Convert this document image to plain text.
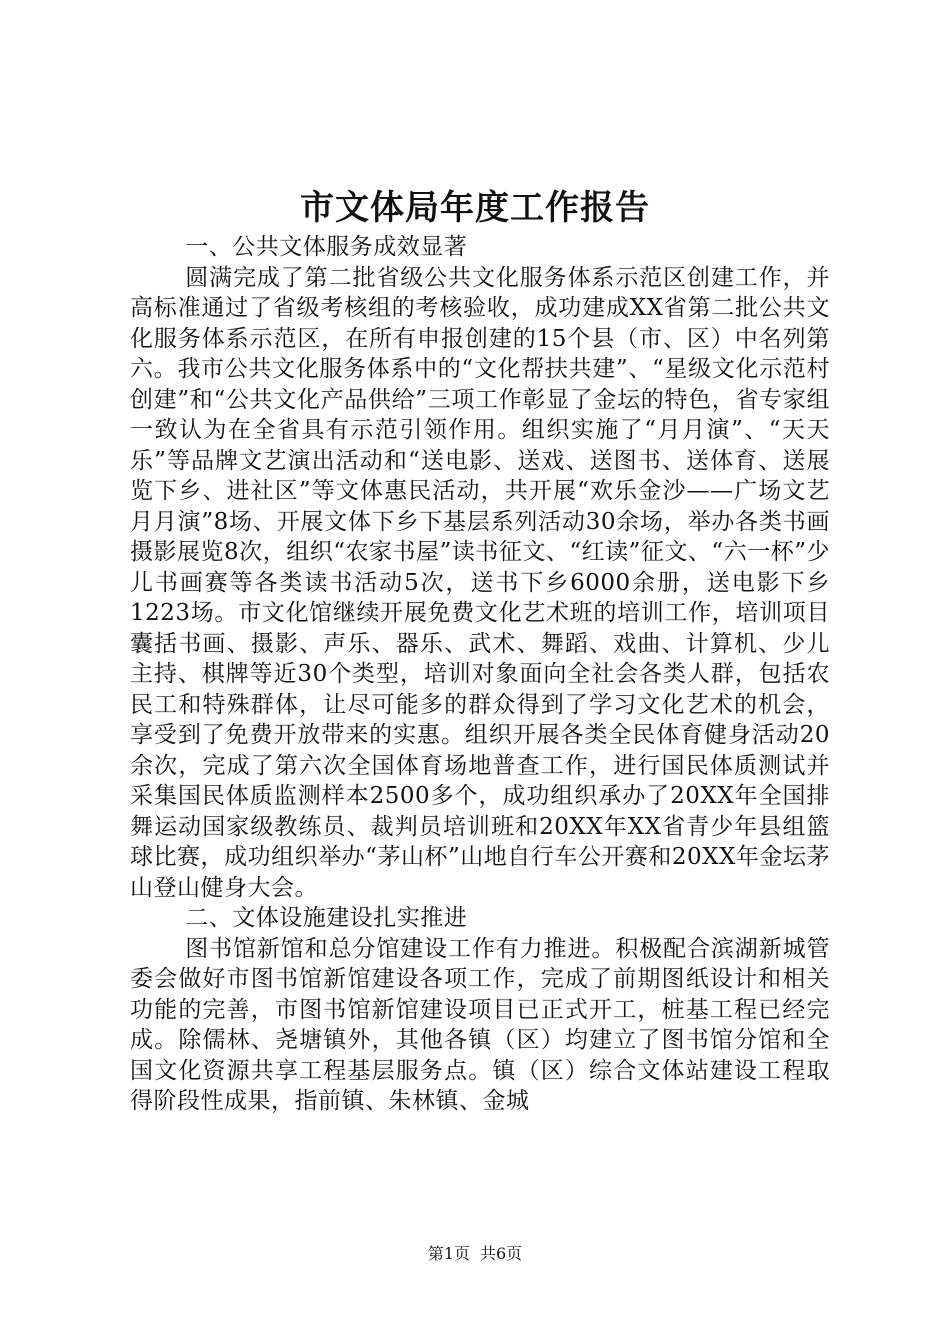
市文体局年度工作报告

一、公共文体服务成效显著

圆满完成了第二批省级公共文化服务体系示范区创建工作，并高标准通过了省级考核组的考核验收，成功建成XX省第二批公共文化服务体系示范区，在所有申报创建的15个县（市、区）中名列第六。我市公共文化服务体系中的“文化帮扶共建”、“星级文化示范村创建”和“公共文化产品供给”三项工作彰显了金坛的特色，省专家组一致认为在全省具有示范引领作用。组织实施了“月月演”、“天天乐”等品牌文艺演出活动和“送电影、送戏、送图书、送体育、送展览下乡、进社区”等文体惠民活动，共开展“欢乐金沙——广场文艺月月演”8场、开展文体下乡下基层系列活动30余场，举办各类书画摄影展览8次，组织“农家书屋”读书征文、“红读”征文、“六一杯”少儿书画赛等各类读书活动5次，送书下乡6000余册，送电影下乡1223场。市文化馆继续开展免费文化艺术班的培训工作，培训项目囊括书画、摄影、声乐、器乐、武术、舞蹈、戏曲、计算机、少儿主持、棋牌等近30个类型，培训对象面向全社会各类人群，包括农民工和特殊群体，让尽可能多的群众得到了学习文化艺术的机会，享受到了免费开放带来的实惠。组织开展各类全民体育健身活动20余次，完成了第六次全国体育场地普查工作，进行国民体质测试并采集国民体质监测样本2500多个，成功组织承办了20XX年全国排舞运动国家级教练员、裁判员培训班和20XX年XX省青少年县组篮球比赛，成功组织举办“茅山杯”山地自行车公开赛和20XX年金坛茅山登山健身大会。

二、文体设施建设扎实推进

图书馆新馆和总分馆建设工作有力推进。积极配合滨湖新城管委会做好市图书馆新馆建设各项工作，完成了前期图纸设计和相关功能的完善，市图书馆新馆建设项目已正式开工，桩基工程已经完成。除儒林、尧塘镇外，其他各镇（区）均建立了图书馆分馆和全国文化资源共享工程基层服务点。镇（区）综合文体站建设工程取得阶段性成果，指前镇、朱林镇、金城

第1页 共6页
